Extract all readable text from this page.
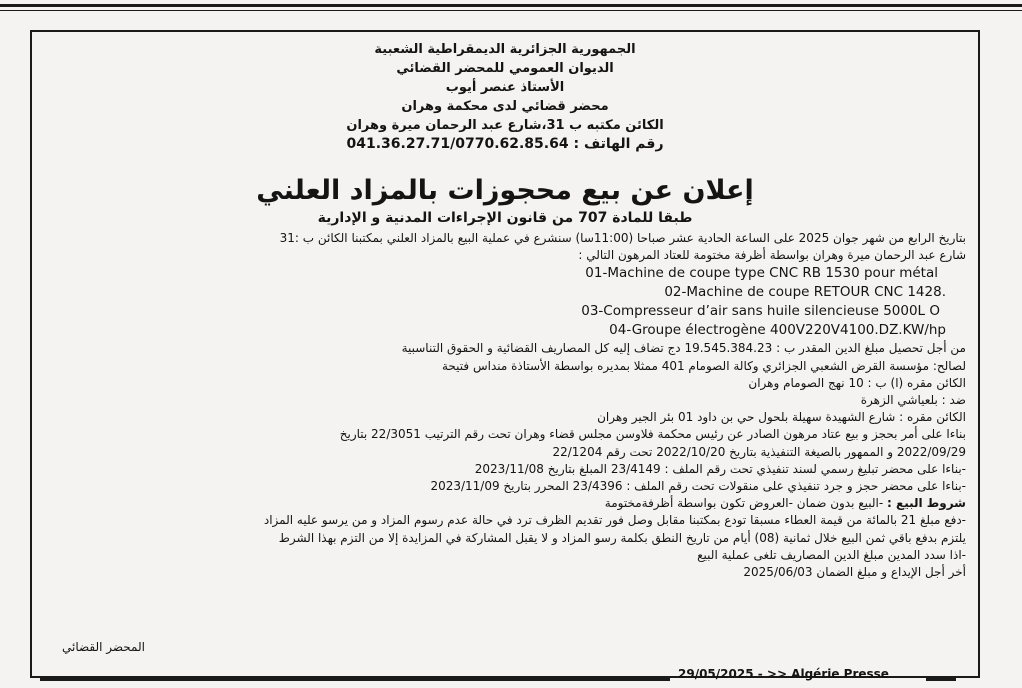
الجمهورية الجزائرية الديمقراطية الشعبية
الديوان العمومي للمحضر القضائي
الأستاذ عنصر أيوب
محضر قضائي لدى محكمة وهران
الكائن مكتبه ب 31،شارع عبد الرحمان ميرة وهران
رقم الهاتف : 041.36.27.71/0770.62.85.64
إعلان عن بيع محجوزات بالمزاد العلني
طبقا للمادة 707 من قانون الإجراءات المدنية و الإدارية

بتاريخ الرابع من شهر جوان 2025 على الساعة الحادية عشر صباحا (11:00سا) سنشرع في عملية البيع بالمزاد العلني بمكتبنا الكائن ب :31

شارع عبد الرحمان ميرة وهران بواسطة أظرفة مختومة للعتاد المرهون التالي :

01-Machine de coupe type CNC RB 1530 pour métal

02-Machine de coupe RETOUR CNC 1428.

03-Compresseur d’air sans huile silencieuse 5000L O

04-Groupe électrogène 400V220V4100.DZ.KW/hp

من أجل تحصيل مبلغ الدين المقدر ب : 19.545.384.23 دج تضاف إليه كل المصاريف القضائية و الحقوق التناسبية

لصالح: مؤسسة القرض الشعبي الجزائري وكالة الصومام 401 ممثلا بمديره بواسطة الأستاذة منداس فتيحة

الكائن مقره (ا) ب : 10 نهج الصومام وهران

ضد : بلعياشي الزهرة

الكائن مقره : شارع الشهيدة سهيلة بلحول حي بن داود 01 بئر الجير وهران

بناءا على أمر بحجز و بيع عتاد مرهون الصادر عن رئيس محكمة فلاوسن مجلس قضاء وهران تحت رقم الترتيب 22/3051 بتاريخ

2022/09/29 و الممهور بالصيغة التنفيذية بتاريخ 2022/10/20 تحت رقم 22/1204

-بناءا على محضر تبليغ رسمي لسند تنفيذي تحت رقم الملف : 23/4149 المبلغ بتاريخ 2023/11/08

-بناءا على محضر حجز و جرد تنفيذي على منقولات تحت رقم الملف : 23/4396 المحرر بتاريخ 2023/11/09

شروط البيع : -البيع بدون ضمان -العروض تكون بواسطة أظرفةمختومة

-دفع مبلغ 21 بالمائة من قيمة العطاء مسبقا تودع بمكتبنا مقابل وصل فور تقديم الظرف ترد في حالة عدم رسوم المزاد و من يرسو عليه المزاد

يلتزم بدفع باقي ثمن البيع خلال ثمانية (08) أيام من تاريخ النطق بكلمة رسو المزاد و لا يقبل المشاركة في المزايدة إلا من التزم بهذا الشرط

-اذا سدد المدين مبلغ الدين المصاريف تلغى عملية البيع

أخر أجل الإيداع و مبلغ الضمان 2025/06/03

المحضر القضائي
29/05/2025 - >> Algérie Presse
